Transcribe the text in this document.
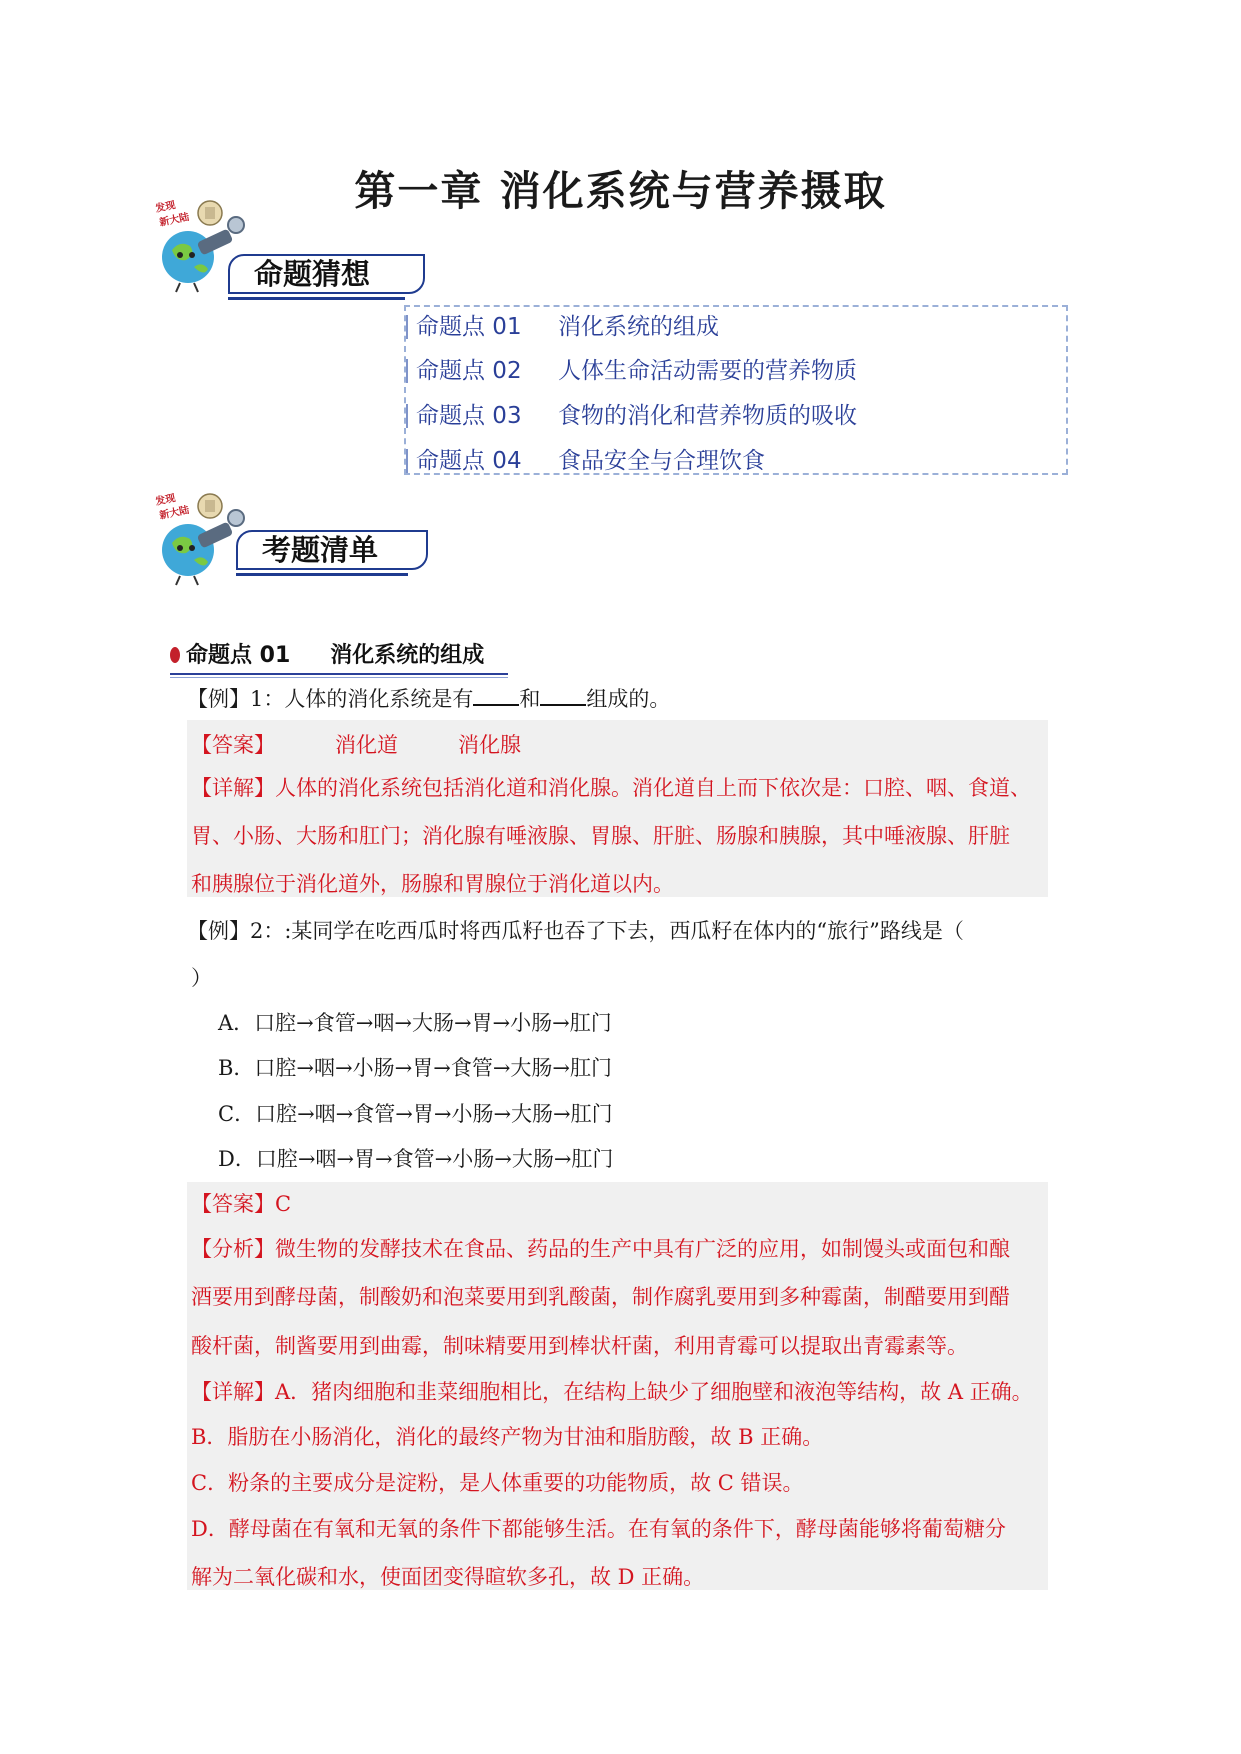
第一章 消化系统与营养摄取
发现
新大陆
命题猜想
命题点 01 消化系统的组成
命题点 02 人体生命活动需要的营养物质
命题点 03 食物的消化和营养物质的吸收
命题点 04 食品安全与合理饮食
发现
新大陆
考题清单
命题点 01 消化系统的组成
【例】1：人体的消化系统是有 和 组成的。
【答案】	消化道	消化腺
【详解】人体的消化系统包括消化道和消化腺。消化道自上而下依次是：口腔、咽、食道、
胃、小肠、大肠和肛门；消化腺有唾液腺、胃腺、肝脏、肠腺和胰腺，其中唾液腺、肝脏
和胰腺位于消化道外，肠腺和胃腺位于消化道以内。
【例】2：:某同学在吃西瓜时将西瓜籽也吞了下去，西瓜籽在体内的“旅行”路线是（
）
A．口腔→食管→咽→大肠→胃→小肠→肛门
B．口腔→咽→小肠→胃→食管→大肠→肛门
C．口腔→咽→食管→胃→小肠→大肠→肛门
D．口腔→咽→胃→食管→小肠→大肠→肛门
【答案】C
【分析】微生物的发酵技术在食品、药品的生产中具有广泛的应用，如制馒头或面包和酿
酒要用到酵母菌，制酸奶和泡菜要用到乳酸菌，制作腐乳要用到多种霉菌，制醋要用到醋
酸杆菌，制酱要用到曲霉，制味精要用到棒状杆菌，利用青霉可以提取出青霉素等。
【详解】A．猪肉细胞和韭菜细胞相比，在结构上缺少了细胞壁和液泡等结构，故 A 正确。
B．脂肪在小肠消化，消化的最终产物为甘油和脂肪酸，故 B 正确。
C．粉条的主要成分是淀粉，是人体重要的功能物质，故 C 错误。
D．酵母菌在有氧和无氧的条件下都能够生活。在有氧的条件下，酵母菌能够将葡萄糖分
解为二氧化碳和水，使面团变得暄软多孔，故 D 正确。
